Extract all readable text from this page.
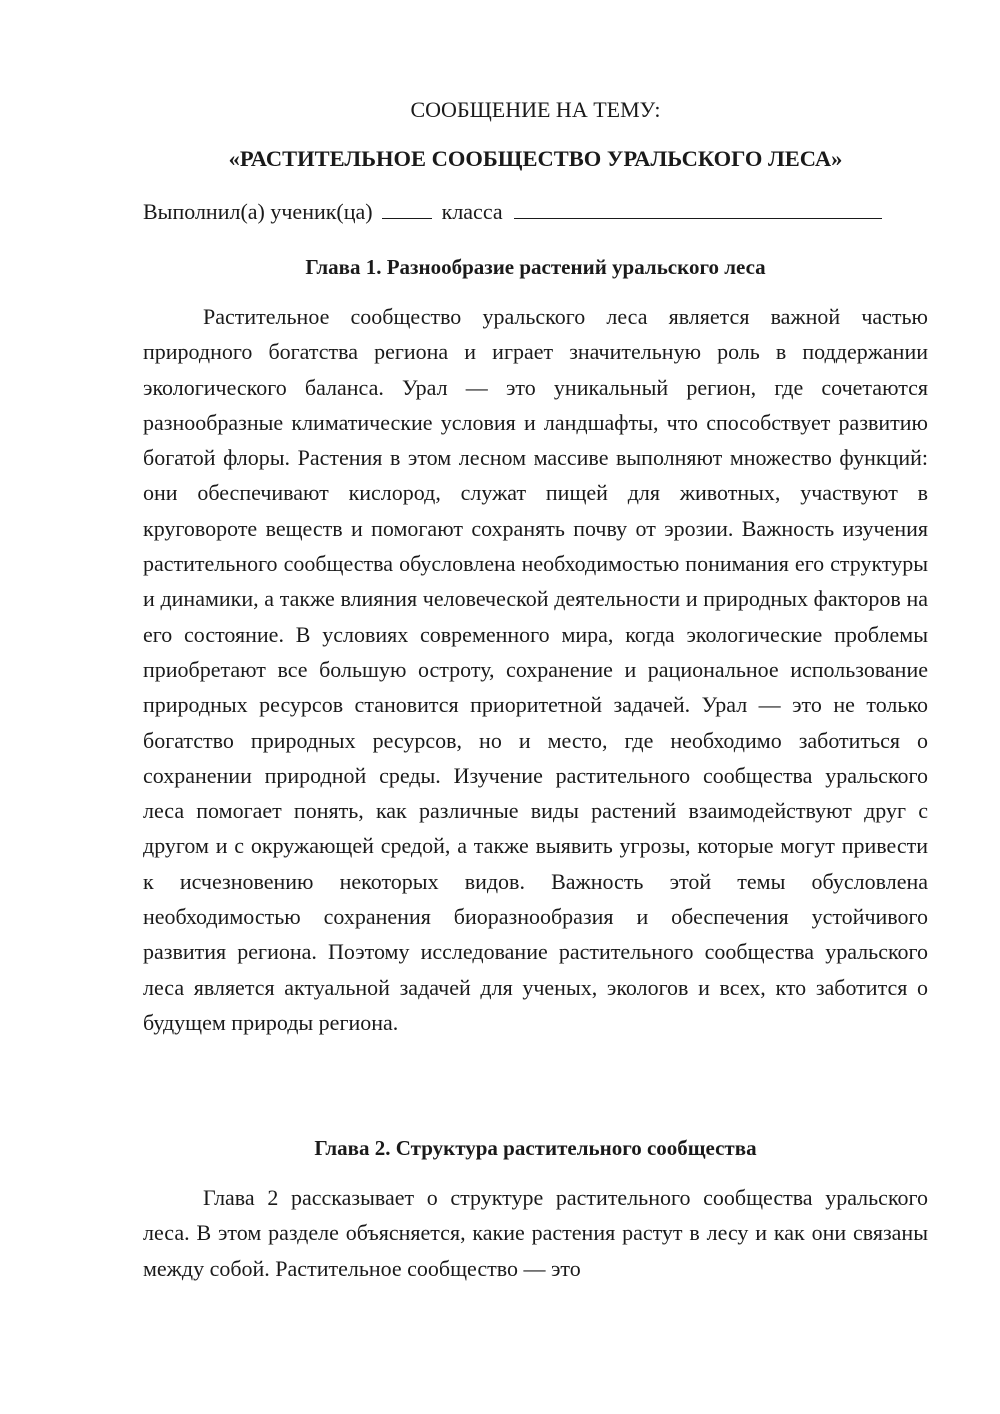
СООБЩЕНИЕ НА ТЕМУ:
«РАСТИТЕЛЬНОЕ СООБЩЕСТВО УРАЛЬСКОГО ЛЕСА»
Выполнил(а) ученик(ца)	класса
Глава 1. Разнообразие растений уральского леса

Растительное сообщество уральского леса является важной частью природного богатства региона и играет значительную роль в поддержании экологического баланса. Урал — это уникальный регион, где сочетаются разнообразные климатические условия и ландшафты, что способствует развитию богатой флоры. Растения в этом лесном массиве выполняют множество функций: они обеспечивают кислород, служат пищей для животных, участвуют в круговороте веществ и помогают сохранять почву от эрозии. Важность изучения растительного сообщества обусловлена необходимостью понимания его структуры и динамики, а также влияния человеческой деятельности и природных факторов на его состояние. В условиях современного мира, когда экологические проблемы приобретают все большую остроту, сохранение и рациональное использование природных ресурсов становится приоритетной задачей. Урал — это не только богатство природных ресурсов, но и место, где необходимо заботиться о сохранении природной среды. Изучение растительного сообщества уральского леса помогает понять, как различные виды растений взаимодействуют друг с другом и с окружающей средой, а также выявить угрозы, которые могут привести к исчезновению некоторых видов. Важность этой темы обусловлена необходимостью сохранения биоразнообразия и обеспечения устойчивого развития региона. Поэтому исследование растительного сообщества уральского леса является актуальной задачей для ученых, экологов и всех, кто заботится о будущем природы региона.

Глава 2. Структура растительного сообщества

Глава 2 рассказывает о структуре растительного сообщества уральского леса. В этом разделе объясняется, какие растения растут в лесу и как они связаны между собой. Растительное сообщество — это
